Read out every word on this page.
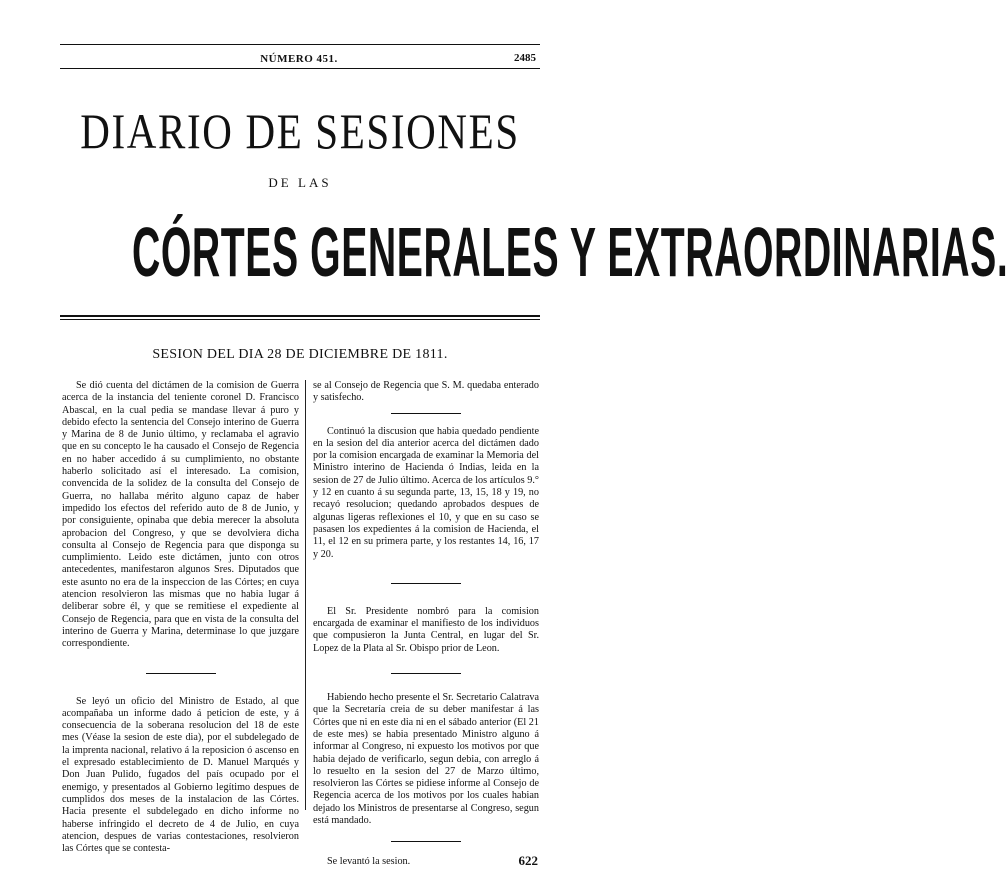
NÚMERO 451.	2485
DIARIO DE SESIONES
DE LAS
CÓRTES GENERALES Y EXTRAORDINARIAS.
SESION DEL DIA 28 DE DICIEMBRE DE 1811.

Se dió cuenta del dictámen de la comision de Guerra acerca de la instancia del teniente coronel D. Francisco Abascal, en la cual pedia se mandase llevar á puro y debido efecto la sentencia del Consejo interino de Guerra y Marina de 8 de Junio último, y reclamaba el agravio que en su concepto le ha causado el Consejo de Regencia en no haber accedido á su cumplimiento, no obstante haberlo solicitado así el interesado. La comision, convencida de la solidez de la consulta del Consejo de Guerra, no hallaba mérito alguno capaz de haber impedido los efectos del referido auto de 8 de Junio, y por consiguiente, opinaba que debia merecer la absoluta aprobacion del Congreso, y que se devolviera dicha consulta al Consejo de Regencia para que disponga su cumplimiento. Leido este dictámen, junto con otros antecedentes, manifestaron algunos Sres. Diputados que este asunto no era de la inspeccion de las Córtes; en cuya atencion resolvieron las mismas que no habia lugar á deliberar sobre él, y que se remitiese el expediente al Consejo de Regencia, para que en vista de la consulta del interino de Guerra y Marina, determinase lo que juzgare correspondiente.

Se leyó un oficio del Ministro de Estado, al que acompañaba un informe dado á peticion de este, y á consecuencia de la soberana resolucion del 18 de este mes (Véase la sesion de este dia), por el subdelegado de la imprenta nacional, relativo á la reposicion ó ascenso en el expresado establecimiento de D. Manuel Marqués y Don Juan Pulido, fugados del país ocupado por el enemigo, y presentados al Gobierno legítimo despues de cumplidos dos meses de la instalacion de las Córtes. Hacia presente el subdelegado en dicho informe no haberse infringido el decreto de 4 de Julio, en cuya atencion, despues de varias contestaciones, resolvieron las Córtes que se contesta-

se al Consejo de Regencia que S. M. quedaba enterado y satisfecho.

Continuó la discusion que habia quedado pendiente en la sesion del dia anterior acerca del dictámen dado por la comision encargada de examinar la Memoria del Ministro interino de Hacienda ó Indias, leida en la sesion de 27 de Julio último. Acerca de los artículos 9.° y 12 en cuanto á su segunda parte, 13, 15, 18 y 19, no recayó resolucion; quedando aprobados despues de algunas ligeras reflexiones el 10, y que en su caso se pasasen los expedientes á la comision de Hacienda, el 11, el 12 en su primera parte, y los restantes 14, 16, 17 y 20.

El Sr. Presidente nombró para la comision encargada de examinar el manifiesto de los individuos que compusieron la Junta Central, en lugar del Sr. Lopez de la Plata al Sr. Obispo prior de Leon.

Habiendo hecho presente el Sr. Secretario Calatrava que la Secretaría creia de su deber manifestar á las Córtes que ni en este dia ni en el sábado anterior (El 21 de este mes) se habia presentado Ministro alguno á informar al Congreso, ni expuesto los motivos por que habia dejado de verificarlo, segun debia, con arreglo á lo resuelto en la sesion del 27 de Marzo último, resolvieron las Córtes se pidiese informe al Consejo de Regencia acerca de los motivos por los cuales habian dejado los Ministros de presentarse al Congreso, segun está mandado.

Se levantó la sesion.	622
